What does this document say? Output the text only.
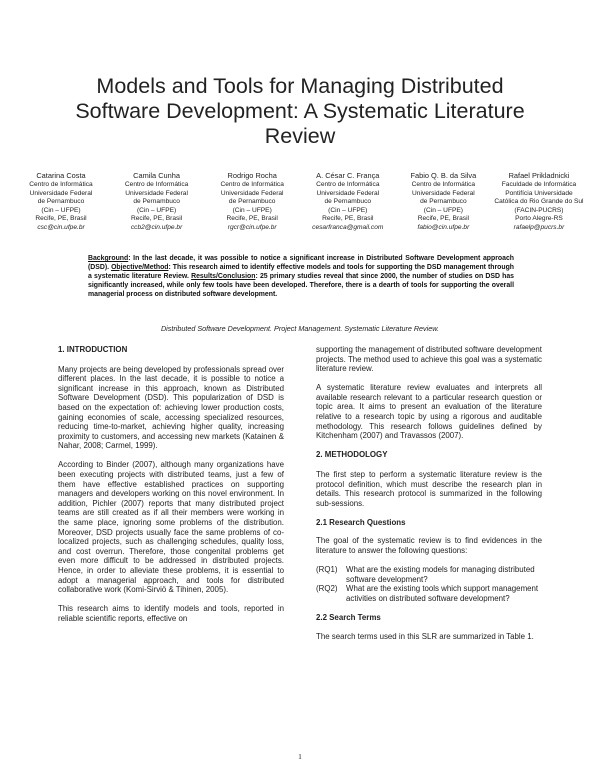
Models and Tools for Managing Distributed
Software Development: A Systematic Literature
Review
Catarina Costa
Centro de Informática
Universidade Federal
de Pernambuco
(Cin – UFPE)
Recife, PE, Brasil
csc@cin.ufpe.br
Camila Cunha
Centro de Informática
Universidade Federal
de Pernambuco
(Cin – UFPE)
Recife, PE, Brasil
ccb2@cin.ufpe.br
Rodrigo Rocha
Centro de Informática
Universidade Federal
de Pernambuco
(Cin – UFPE)
Recife, PE, Brasil
rgcr@cin.ufpe.br
A. César C. França
Centro de Informática
Universidade Federal
de Pernambuco
(Cin – UFPE)
Recife, PE, Brasil
cesarfranca@gmail.com
Fabio Q. B. da Silva
Centro de Informática
Universidade Federal
de Pernambuco
(Cin – UFPE)
Recife, PE, Brasil
fabio@cin.ufpe.br
Rafael Prikladnicki
Faculdade de Informática
Pontifícia Universidade
Católica do Rio Grande do Sul
(FACIN-PUCRS)
Porto Alegre-RS
rafaelp@pucrs.br
Background: In the last decade, it was possible to notice a significant increase in Distributed Software Development approach (DSD). Objective/Method: This research aimed to identify effective models and tools for supporting the DSD management through a systematic literature Review. Results/Conclusion: 25 primary studies reveal that since 2000, the number of studies on DSD has significantly increased, while only few tools have been developed. Therefore, there is a dearth of tools for supporting the overall managerial process on distributed software development.
Distributed Software Development. Project Management. Systematic Literature Review.
1. INTRODUCTION

Many projects are being developed by professionals spread over different places. In the last decade, it is possible to notice a significant increase in this approach, known as Distributed Software Development (DSD). This popularization of DSD is based on the expectation of: achieving lower production costs, gaining economies of scale, accessing specialized resources, reducing time-to-market, achieving higher quality, increasing proximity to customers, and accessing new markets (Katainen & Nahar, 2008; Carmel, 1999).

According to Binder (2007), although many organizations have been executing projects with distributed teams, just a few of them have effective established practices on supporting managers and developers working on this novel environment. In addition, Pichler (2007) reports that many distributed project teams are still created as if all their members were working in the same place, ignoring some problems of the distribution. Moreover, DSD projects usually face the same problems of co-localized projects, such as challenging schedules, quality loss, and cost overrun. Therefore, those congenital problems get even more difficult to be addressed in distributed projects. Hence, in order to alleviate these problems, it is essential to adopt a managerial approach, and tools for distributed collaborative work (Komi-Sirviö & Tihinen, 2005).

This research aims to identify models and tools, reported in reliable scientific reports, effective on

supporting the management of distributed software development projects. The method used to achieve this goal was a systematic literature review.

A systematic literature review evaluates and interprets all available research relevant to a particular research question or topic area. It aims to present an evaluation of the literature relative to a research topic by using a rigorous and auditable methodology. This research follows guidelines defined by Kitchenham (2007) and Travassos (2007).

2. METHODOLOGY

The first step to perform a systematic literature review is the protocol definition, which must describe the research plan in details. This research protocol is summarized in the following sub-sessions.

2.1 Research Questions

The goal of the systematic review is to find evidences in the literature to answer the following questions:

(RQ1)	What are the existing models for managing distributed software development?
(RQ2)	What are the existing tools which support management activities on distributed software development?
2.2 Search Terms

The search terms used in this SLR are summarized in Table 1.

1
